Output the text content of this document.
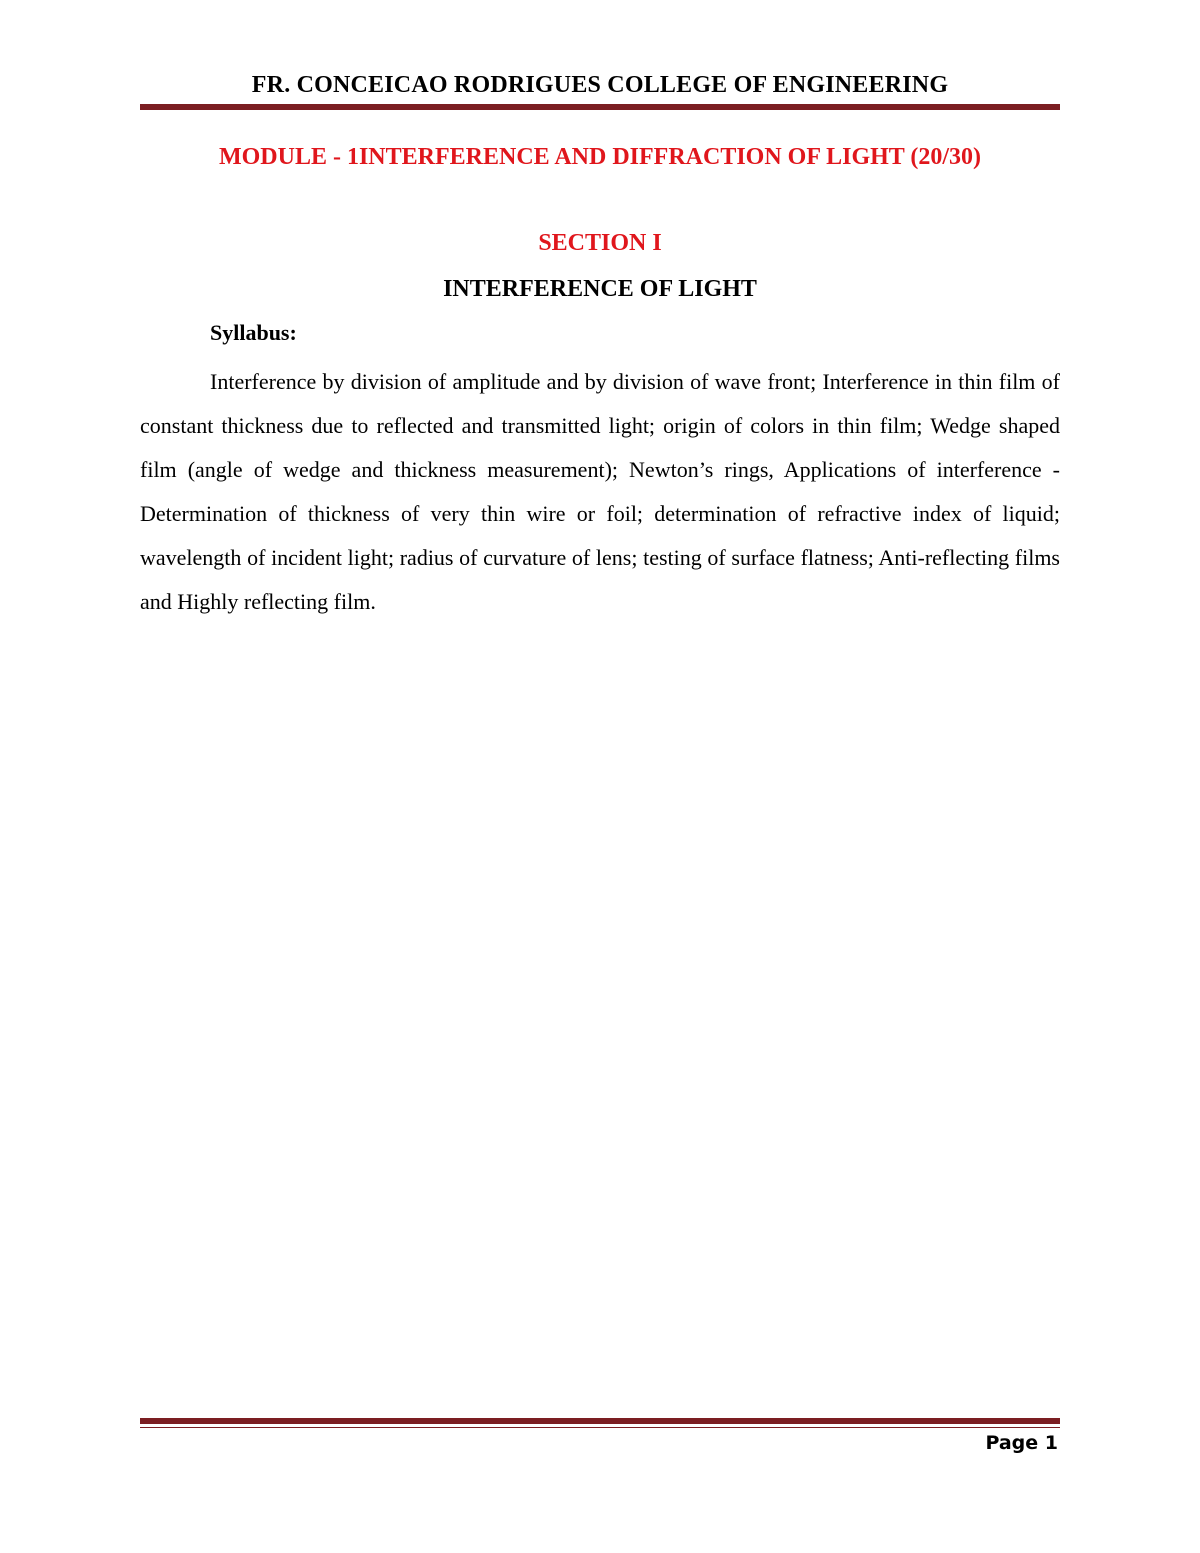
FR. CONCEICAO RODRIGUES COLLEGE OF ENGINEERING
MODULE - 1INTERFERENCE AND DIFFRACTION OF LIGHT (20/30)
SECTION I
INTERFERENCE OF LIGHT
Syllabus:
Interference by division of amplitude and by division of wave front; Interference in thin film of constant thickness due to reflected and transmitted light; origin of colors in thin film; Wedge shaped film (angle of wedge and thickness measurement); Newton’s rings, Applications of interference - Determination of thickness of very thin wire or foil; determination of refractive index of liquid; wavelength of incident light; radius of curvature of lens; testing of surface flatness; Anti-reflecting films and Highly reflecting film.
Page 1
